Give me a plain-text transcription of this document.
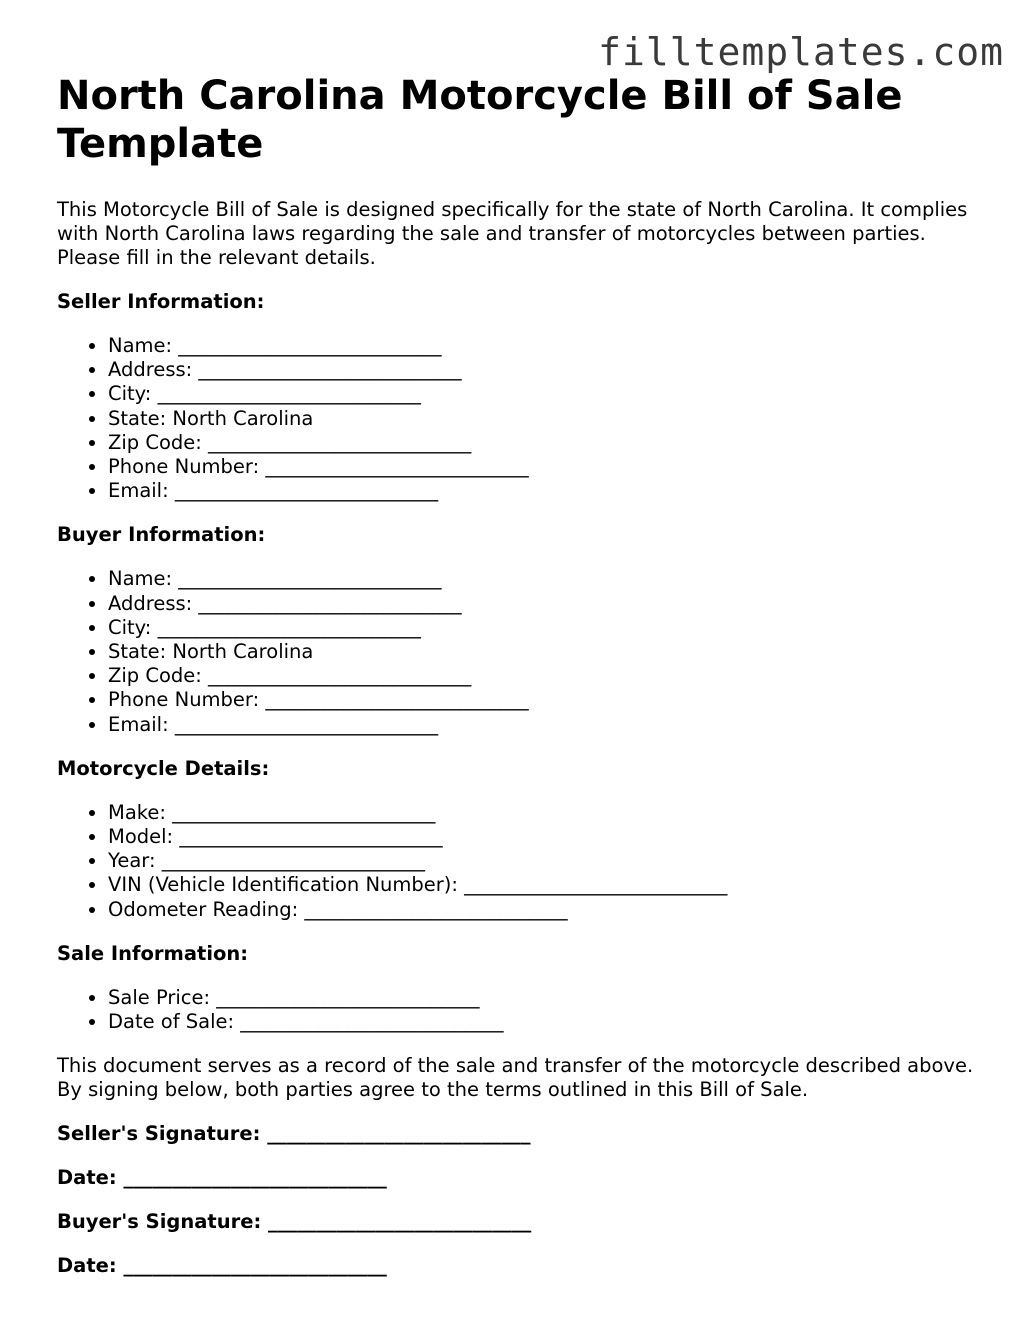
filltemplates.com
North Carolina Motorcycle Bill of Sale Template

This Motorcycle Bill of Sale is designed specifically for the state of North Carolina. It complies with North Carolina laws regarding the sale and transfer of motorcycles between parties. Please fill in the relevant details.

Seller Information:
• Name: ___________________________
• Address: ___________________________
• City: ___________________________
• State: North Carolina
• Zip Code: ___________________________
• Phone Number: ___________________________
• Email: ___________________________
Buyer Information:
• Name: ___________________________
• Address: ___________________________
• City: ___________________________
• State: North Carolina
• Zip Code: ___________________________
• Phone Number: ___________________________
• Email: ___________________________
Motorcycle Details:
• Make: ___________________________
• Model: ___________________________
• Year: ___________________________
• VIN (Vehicle Identification Number): ___________________________
• Odometer Reading: ___________________________
Sale Information:
• Sale Price: ___________________________
• Date of Sale: ___________________________

This document serves as a record of the sale and transfer of the motorcycle described above. By signing below, both parties agree to the terms outlined in this Bill of Sale.

Seller's Signature: ___________________________
Date: ___________________________
Buyer's Signature: ___________________________
Date: ___________________________
